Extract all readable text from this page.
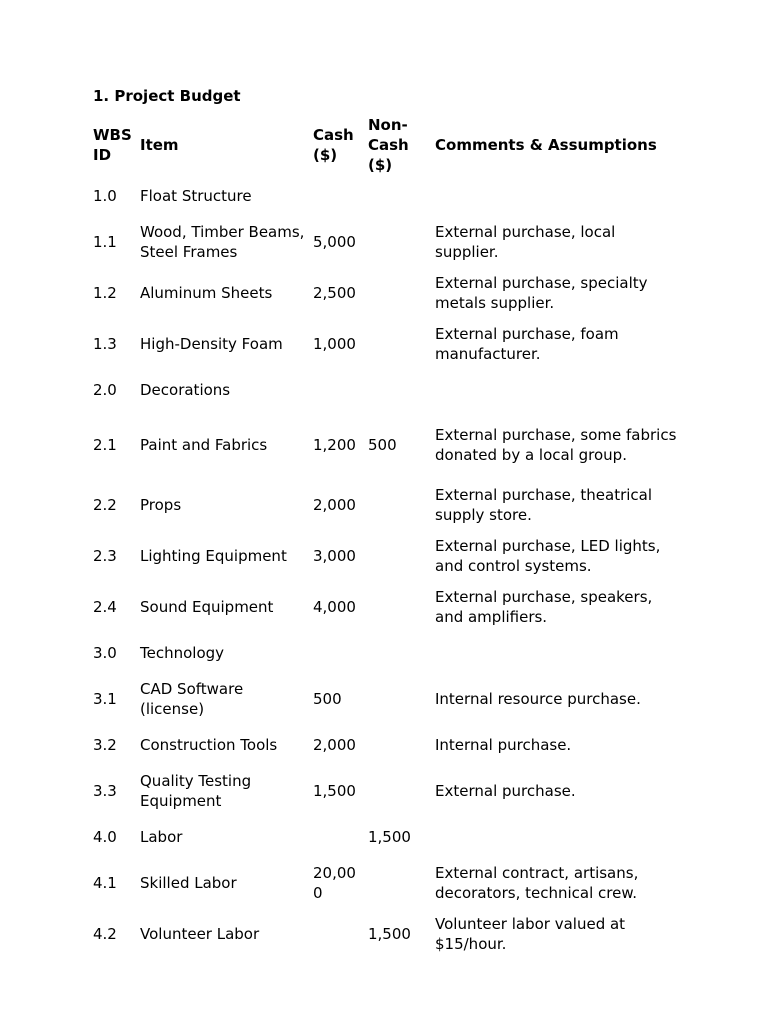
1. Project Budget
WBS ID	Item	Cash ($)	Non-Cash ($)	Comments & Assumptions
1.0	Float Structure			
1.1	Wood, Timber Beams, Steel Frames	5,000		External purchase, local supplier.
1.2	Aluminum Sheets	2,500		External purchase, specialty metals supplier.
1.3	High-Density Foam	1,000		External purchase, foam manufacturer.
2.0	Decorations			
2.1	Paint and Fabrics	1,200	500	External purchase, some fabrics donated by a local group.
2.2	Props	2,000		External purchase, theatrical supply store.
2.3	Lighting Equipment	3,000		External purchase, LED lights, and control systems.
2.4	Sound Equipment	4,000		External purchase, speakers, and amplifiers.
3.0	Technology			
3.1	CAD Software (license)	500		Internal resource purchase.
3.2	Construction Tools	2,000		Internal purchase.
3.3	Quality Testing Equipment	1,500		External purchase.
4.0	Labor		1,500	
4.1	Skilled Labor	20,000		External contract, artisans, decorators, technical crew.
4.2	Volunteer Labor		1,500	Volunteer labor valued at $15/hour.
